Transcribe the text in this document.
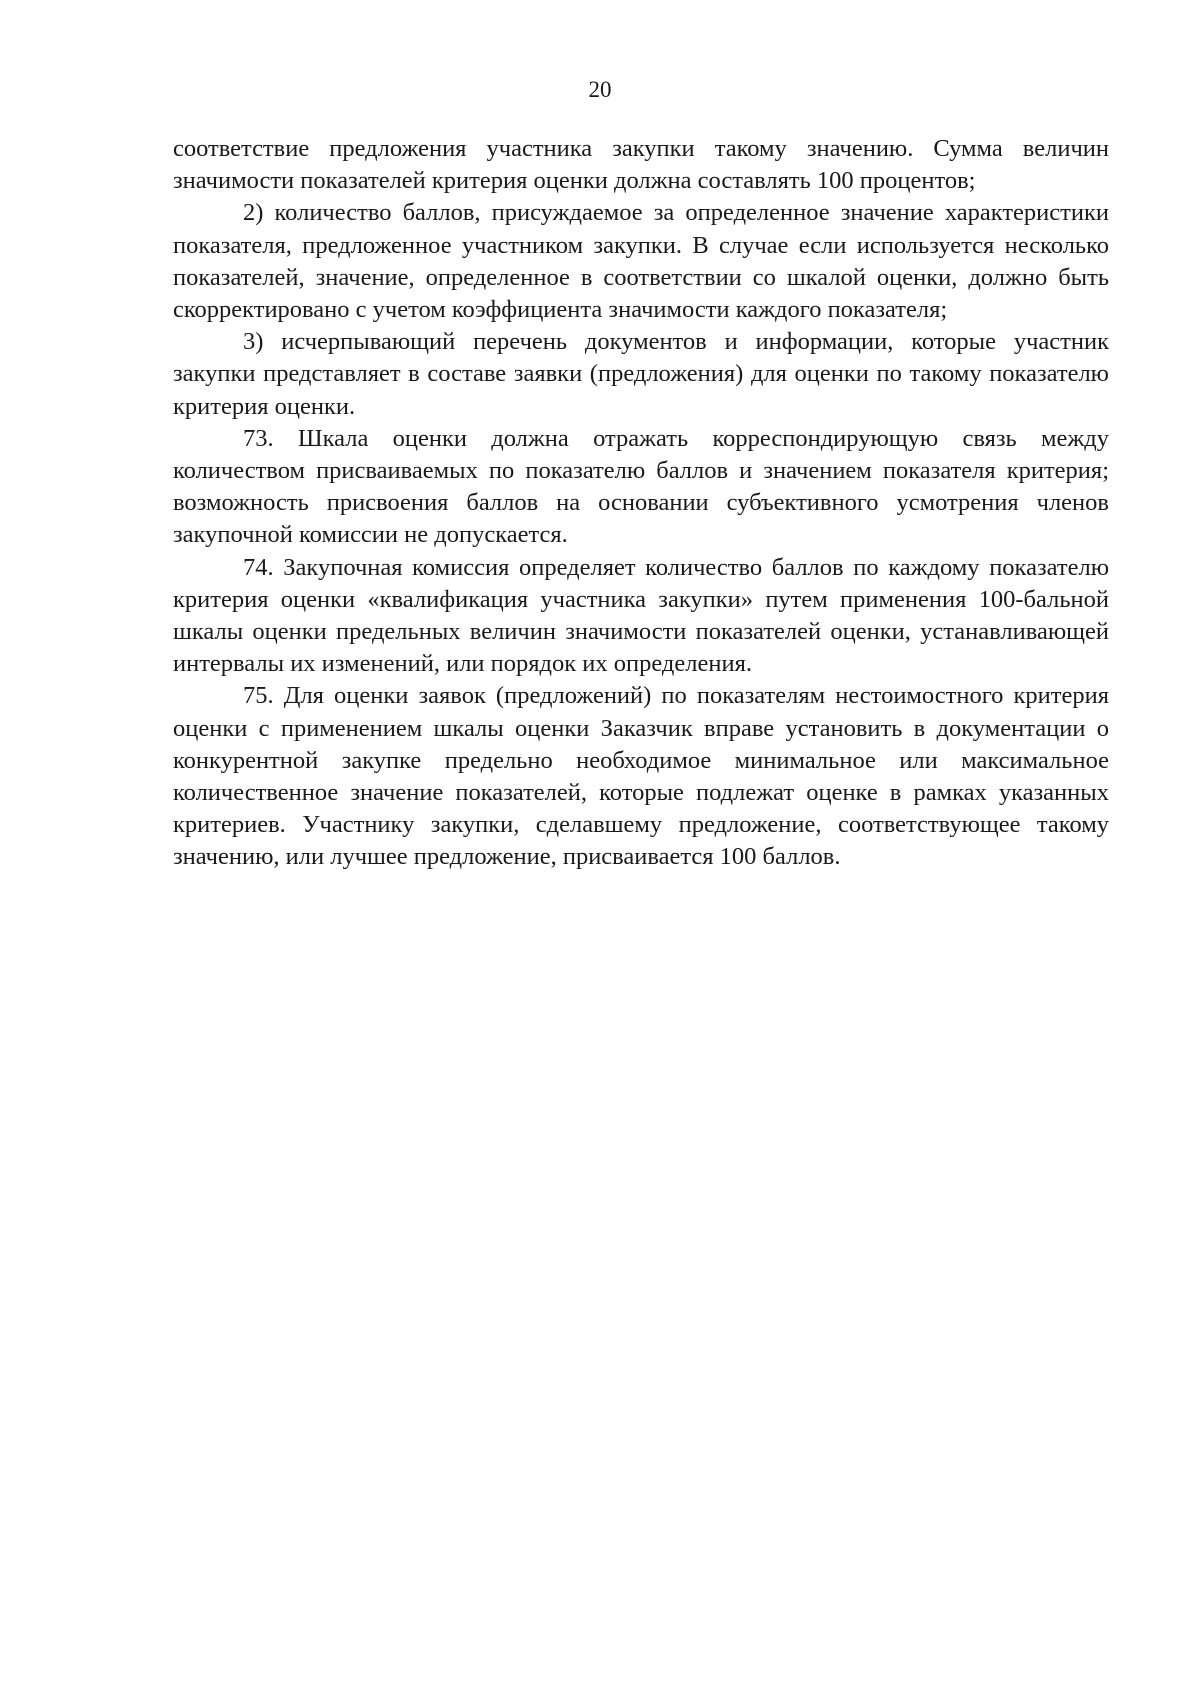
20

соответствие предложения участника закупки такому значению. Сумма величин значимости показателей критерия оценки должна составлять 100 процентов;

2) количество баллов, присуждаемое за определенное значение характеристики показателя, предложенное участником закупки. В случае если используется несколько показателей, значение, определенное в соответствии со шкалой оценки, должно быть скорректировано с учетом коэффициента значимости каждого показателя;

3) исчерпывающий перечень документов и информации, которые участник закупки представляет в составе заявки (предложения) для оценки по такому показателю критерия оценки.

73. Шкала оценки должна отражать корреспондирующую связь между количеством присваиваемых по показателю баллов и значением показателя критерия; возможность присвоения баллов на основании субъективного усмотрения членов закупочной комиссии не допускается.

74. Закупочная комиссия определяет количество баллов по каждому показателю критерия оценки «квалификация участника закупки» путем применения 100-бальной шкалы оценки предельных величин значимости показателей оценки, устанавливающей интервалы их изменений, или порядок их определения.

75. Для оценки заявок (предложений) по показателям нестоимостного критерия оценки с применением шкалы оценки Заказчик вправе установить в документации о конкурентной закупке предельно необходимое минимальное или максимальное количественное значение показателей, которые подлежат оценке в рамках указанных критериев. Участнику закупки, сделавшему предложение, соответствующее такому значению, или лучшее предложение, присваивается 100 баллов.
